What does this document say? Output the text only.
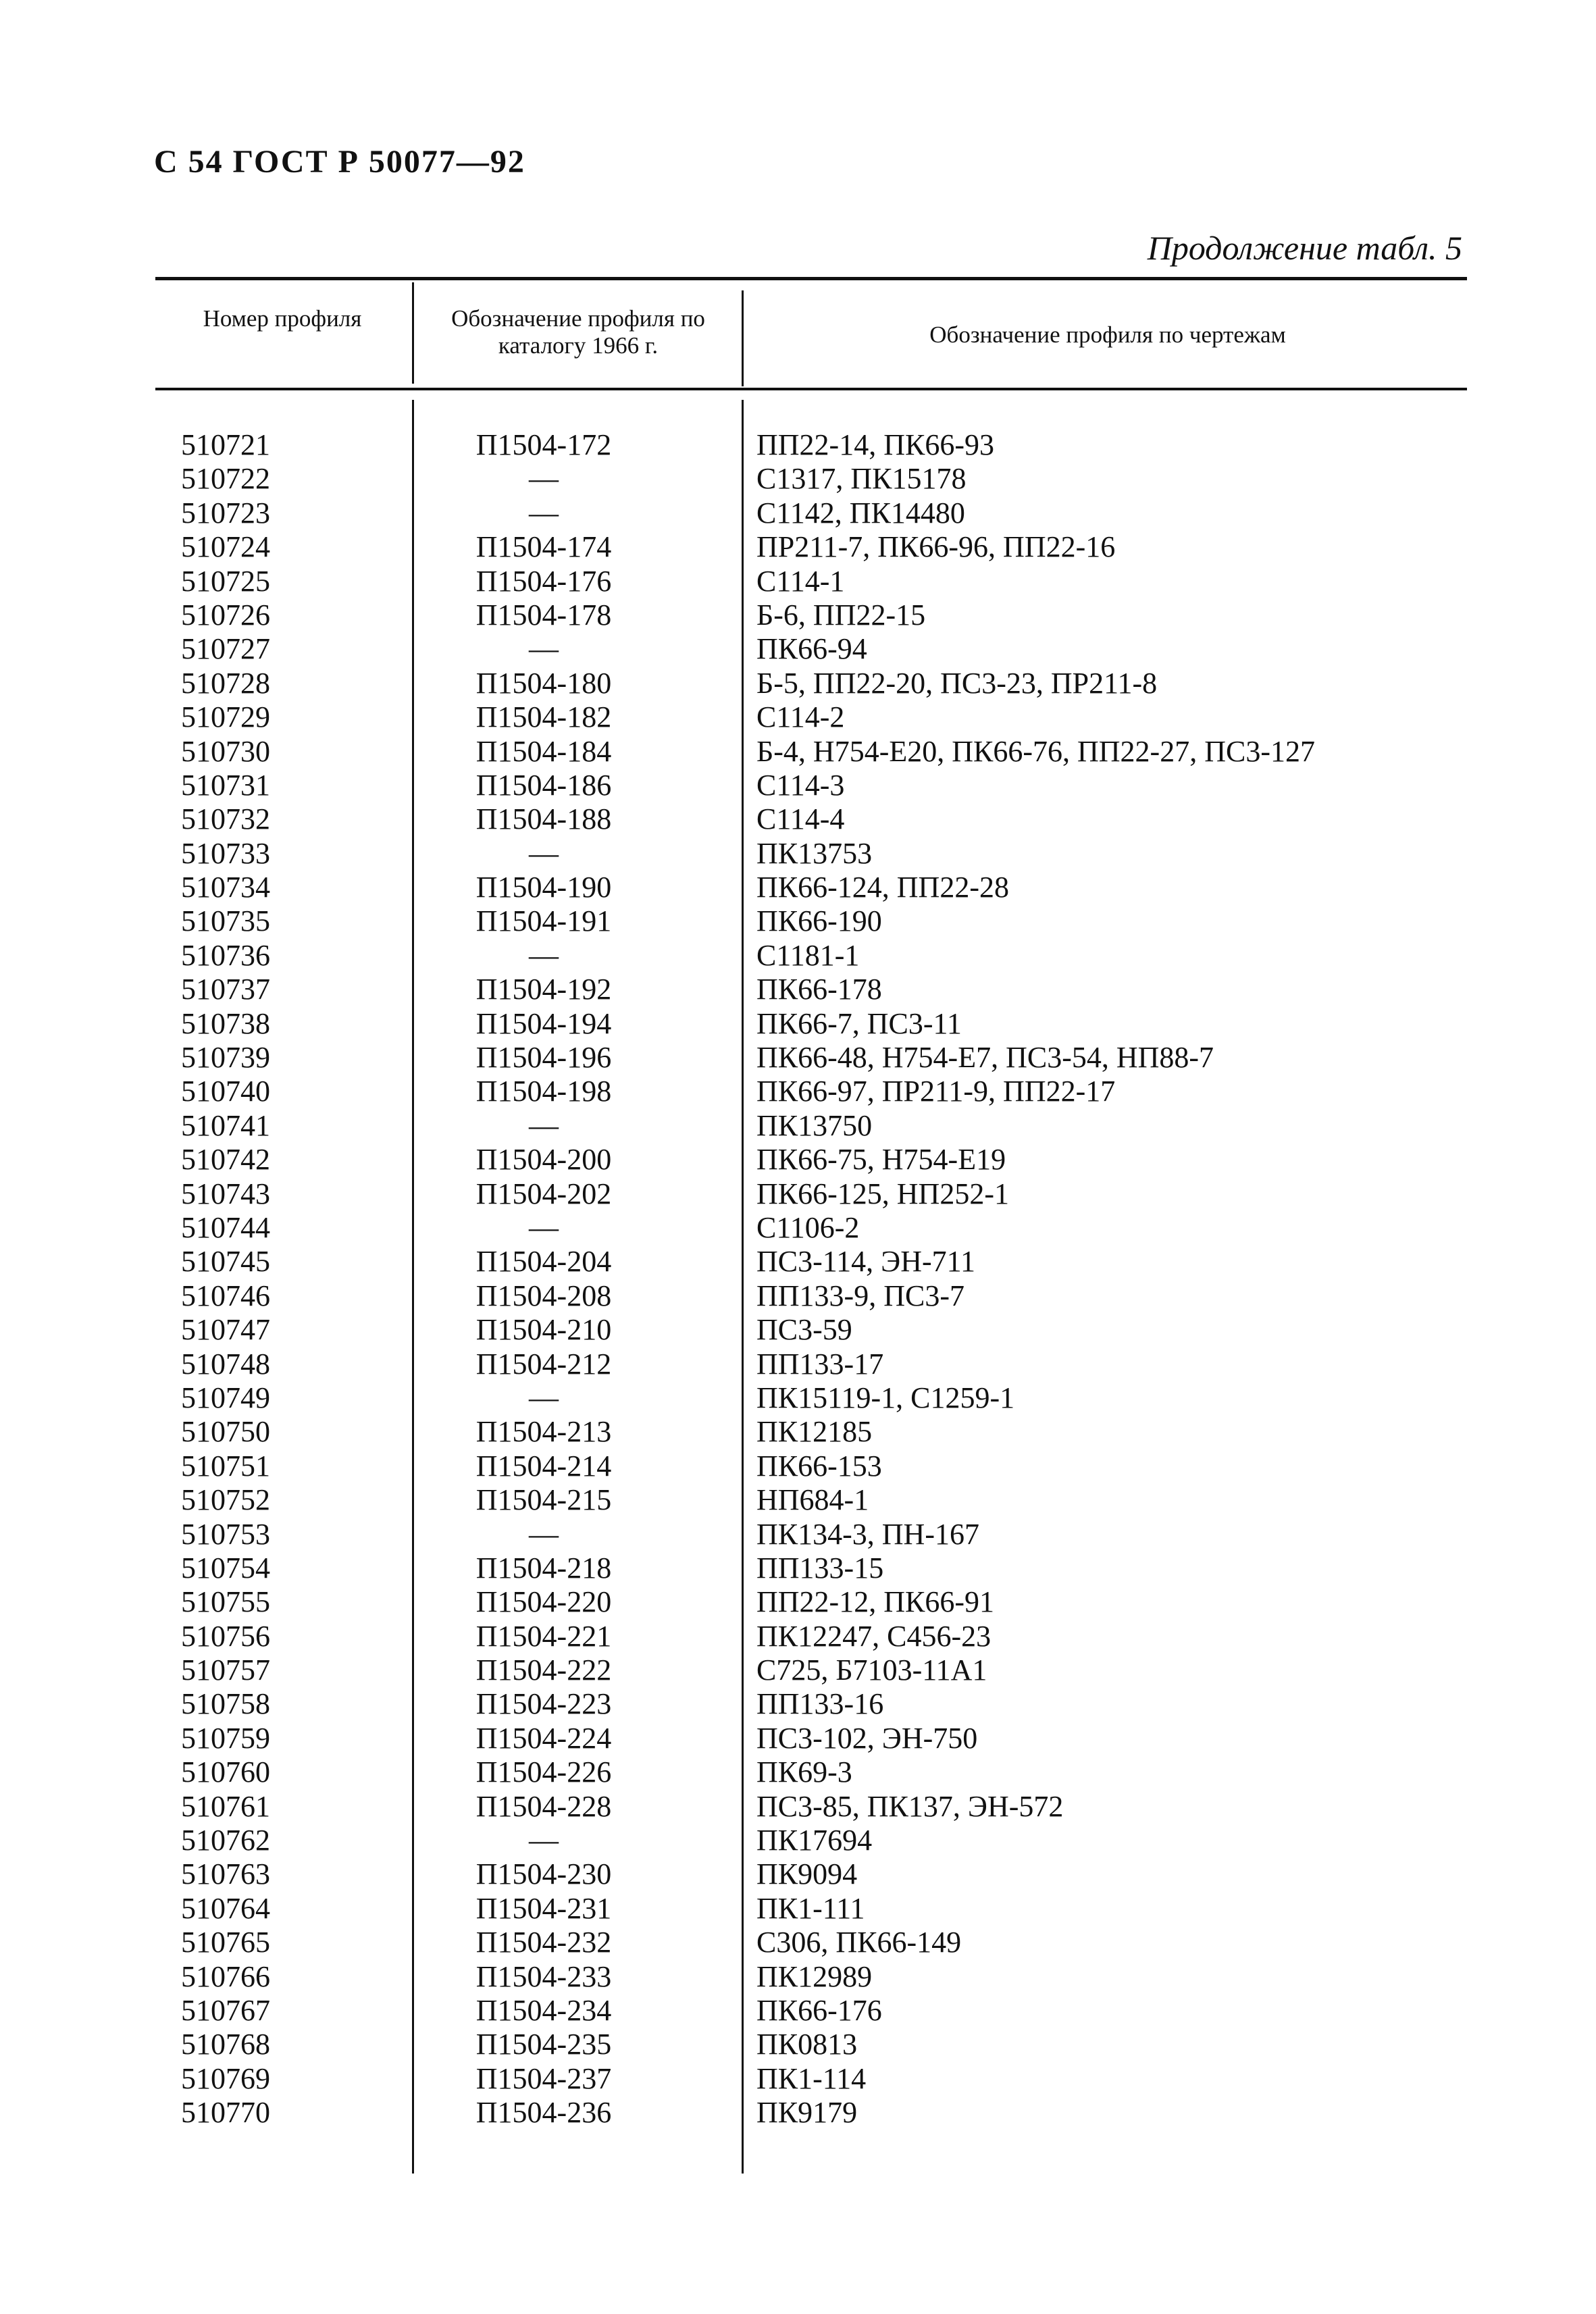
С 54 ГОСТ Р 50077—92
Продолжение табл. 5
Номер профиля	Обозначение профиля по каталогу 1966 г.	Обозначение профиля по чертежам
510721	П1504-172	ПП22-14, ПК66-93
510722	—	С1317, ПК15178
510723	—	С1142, ПК14480
510724	П1504-174	ПР211-7, ПК66-96, ПП22-16
510725	П1504-176	С114-1
510726	П1504-178	Б-6, ПП22-15
510727	—	ПК66-94
510728	П1504-180	Б-5, ПП22-20, ПС3-23, ПР211-8
510729	П1504-182	С114-2
510730	П1504-184	Б-4, Н754-Е20, ПК66-76, ПП22-27, ПС3-127
510731	П1504-186	С114-3
510732	П1504-188	С114-4
510733	—	ПК13753
510734	П1504-190	ПК66-124, ПП22-28
510735	П1504-191	ПК66-190
510736	—	С1181-1
510737	П1504-192	ПК66-178
510738	П1504-194	ПК66-7, ПС3-11
510739	П1504-196	ПК66-48, Н754-Е7, ПС3-54, НП88-7
510740	П1504-198	ПК66-97, ПР211-9, ПП22-17
510741	—	ПК13750
510742	П1504-200	ПК66-75, Н754-Е19
510743	П1504-202	ПК66-125, НП252-1
510744	—	С1106-2
510745	П1504-204	ПС3-114, ЭН-711
510746	П1504-208	ПП133-9, ПС3-7
510747	П1504-210	ПС3-59
510748	П1504-212	ПП133-17
510749	—	ПК15119-1, С1259-1
510750	П1504-213	ПК12185
510751	П1504-214	ПК66-153
510752	П1504-215	НП684-1
510753	—	ПК134-3, ПН-167
510754	П1504-218	ПП133-15
510755	П1504-220	ПП22-12, ПК66-91
510756	П1504-221	ПК12247, С456-23
510757	П1504-222	С725, Б7103-11А1
510758	П1504-223	ПП133-16
510759	П1504-224	ПС3-102, ЭН-750
510760	П1504-226	ПК69-3
510761	П1504-228	ПС3-85, ПК137, ЭН-572
510762	—	ПК17694
510763	П1504-230	ПК9094
510764	П1504-231	ПК1-111
510765	П1504-232	С306, ПК66-149
510766	П1504-233	ПК12989
510767	П1504-234	ПК66-176
510768	П1504-235	ПК0813
510769	П1504-237	ПК1-114
510770	П1504-236	ПК9179
